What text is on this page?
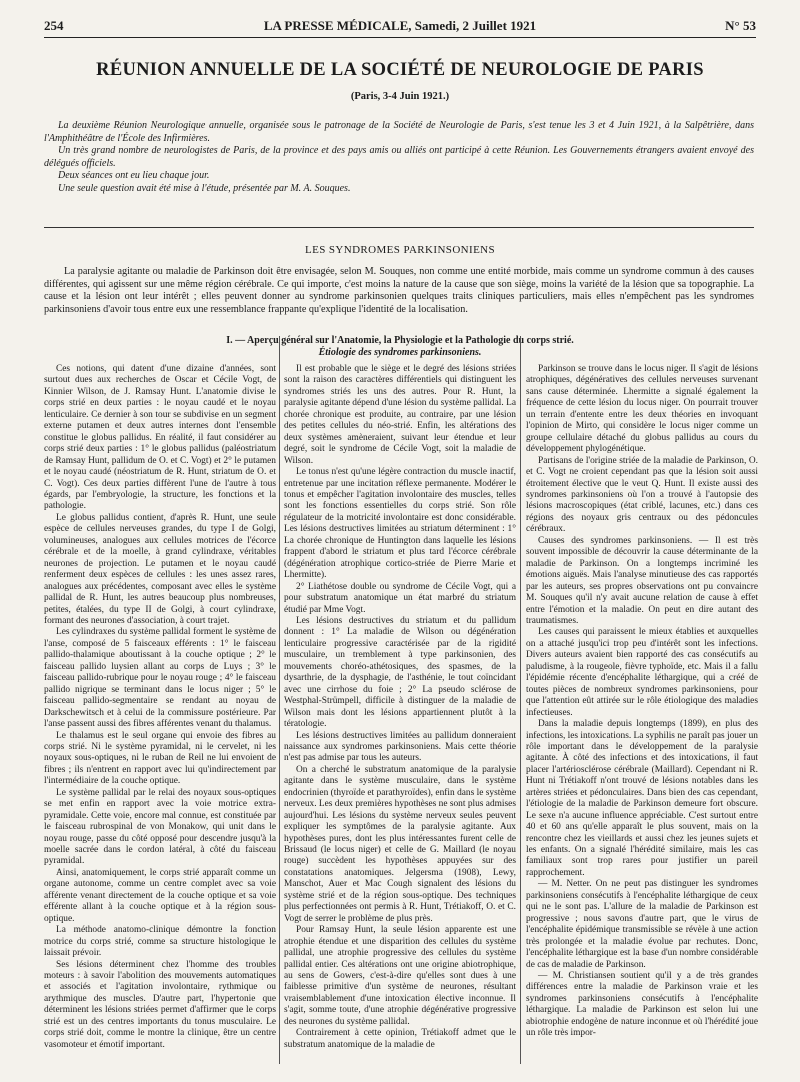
254	LA PRESSE MÉDICALE, Samedi, 2 Juillet 1921	N° 53
RÉUNION ANNUELLE DE LA SOCIÉTÉ DE NEUROLOGIE DE PARIS
(Paris, 3-4 Juin 1921.)

La deuxième Réunion Neurologique annuelle, organisée sous le patronage de la Société de Neurologie de Paris, s'est tenue les 3 et 4 Juin 1921, à la Salpêtrière, dans l'Amphithéâtre de l'École des Infirmières.

Un très grand nombre de neurologistes de Paris, de la province et des pays amis ou alliés ont participé à cette Réunion. Les Gouvernements étrangers avaient envoyé des délégués officiels.

Deux séances ont eu lieu chaque jour.

Une seule question avait été mise à l'étude, présentée par M. A. Souques.

LES SYNDROMES PARKINSONIENS

La paralysie agitante ou maladie de Parkinson doit être envisagée, selon M. Souques, non comme une entité morbide, mais comme un syndrome commun à des causes différentes, qui agissent sur une même région cérébrale. Ce qui importe, c'est moins la nature de la cause que son siège, moins la variété de la lésion que sa topographie. La cause et la lésion ont leur intérêt ; elles peuvent donner au syndrome parkinsonien quelques traits cliniques particuliers, mais elles n'empêchent pas les syndromes parkinsoniens d'avoir tous entre eux une ressemblance frappante qu'explique l'identité de la localisation.

I. — Aperçu général sur l'Anatomie, la Physiologie et la Pathologie du corps strié.
Étiologie des syndromes parkinsoniens.

Ces notions, qui datent d'une dizaine d'années, sont surtout dues aux recherches de Oscar et Cécile Vogt, de Kinnier Wilson, de J. Ramsay Hunt. L'anatomie divise le corps strié en deux parties : le noyau caudé et le noyau lenticulaire. Ce dernier à son tour se subdivise en un segment externe putamen et deux autres internes dont l'ensemble constitue le globus pallidus. En réalité, il faut considérer au corps strié deux parties : 1° le globus pallidus (paléostriatum de Ramsay Hunt, pallidum de O. et C. Vogt) et 2° le putamen et le noyau caudé (néostriatum de R. Hunt, striatum de O. et C. Vogt). Ces deux parties diffèrent l'une de l'autre à tous égards, par l'embryologie, la structure, les fonctions et la pathologie.

Le globus pallidus contient, d'après R. Hunt, une seule espèce de cellules nerveuses grandes, du type I de Golgi, volumineuses, analogues aux cellules motrices de l'écorce cérébrale et de la moelle, à grand cylindraxe, véritables neurones de projection. Le putamen et le noyau caudé renferment deux espèces de cellules : les unes assez rares, analogues aux précédentes, composant avec elles le système pallidal de R. Hunt, les autres beaucoup plus nombreuses, petites, étalées, du type II de Golgi, à court cylindraxe, formant des neurones d'association, à court trajet.

Les cylindraxes du système pallidal forment le système de l'anse, composé de 5 faisceaux efférents : 1° le faisceau pallido-thalamique aboutissant à la couche optique ; 2° le faisceau pallido luysien allant au corps de Luys ; 3° le faisceau pallido-rubrique pour le noyau rouge ; 4° le faisceau pallido nigrique se terminant dans le locus niger ; 5° le faisceau pallido-segmentaire se rendant au noyau de Darkschewitsch et à celui de la commissure postérieure. Par l'anse passent aussi des fibres afférentes venant du thalamus.

Le thalamus est le seul organe qui envoie des fibres au corps strié. Ni le système pyramidal, ni le cervelet, ni les noyaux sous-optiques, ni le ruban de Reil ne lui envoient de fibres ; ils n'entrent en rapport avec lui qu'indirectement par l'intermédiaire de la couche optique.

Le système pallidal par le relai des noyaux sous-optiques se met enfin en rapport avec la voie motrice extra-pyramidale. Cette voie, encore mal connue, est constituée par le faisceau rubrospinal de von Monakow, qui unit dans le noyau rouge, passe du côté opposé pour descendre jusqu'à la moelle sacrée dans le cordon latéral, à côté du faisceau pyramidal.

Ainsi, anatomiquement, le corps strié apparaît comme un organe autonome, comme un centre complet avec sa voie afférente venant directement de la couche optique et sa voie efférente allant à la couche optique et à la région sous-optique.

La méthode anatomo-clinique démontre la fonction motrice du corps strié, comme sa structure histologique le laissait prévoir.

Ses lésions déterminent chez l'homme des troubles moteurs : à savoir l'abolition des mouvements automatiques et associés et l'agitation involontaire, rythmique ou arythmique des muscles. D'autre part, l'hypertonie que déterminent les lésions striées permet d'affirmer que le corps strié est un des centres importants du tonus musculaire. Le corps strié doit, comme le montre la clinique, être un centre vasomoteur et émotif important.

Il est probable que le siège et le degré des lésions striées sont la raison des caractères différentiels qui distinguent les syndromes striés les uns des autres. Pour R. Hunt, la paralysie agitante dépend d'une lésion du système pallidal. La chorée chronique est produite, au contraire, par une lésion des petites cellules du néo-strié. Enfin, les altérations des deux systèmes amèneraient, suivant leur étendue et leur degré, soit le syndrome de Cécile Vogt, soit la maladie de Wilson.

Le tonus n'est qu'une légère contraction du muscle inactif, entretenue par une incitation réflexe permanente. Modérer le tonus et empêcher l'agitation involontaire des muscles, telles sont les fonctions essentielles du corps strié. Son rôle régulateur de la motricité involontaire est donc considérable. Les lésions destructives limitées au striatum déterminent : 1° La chorée chronique de Huntington dans laquelle les lésions frappent d'abord le striatum et plus tard l'écorce cérébrale (dégénération atrophique cortico-striée de Pierre Marie et Lhermitte).

2° Liathétose double ou syndrome de Cécile Vogt, qui a pour substratum anatomique un état marbré du striatum étudié par Mme Vogt.

Les lésions destructives du striatum et du pallidum donnent : 1° La maladie de Wilson ou dégénération lenticulaire progressive caractérisée par de la rigidité musculaire, un tremblement à type parkinsonien, des mouvements choréo-athétosiques, des spasmes, de la dysarthrie, de la dysphagie, de l'asthénie, le tout coïncidant avec une cirrhose du foie ; 2° La pseudo sclérose de Westphal-Strümpell, difficile à distinguer de la maladie de Wilson mais dont les lésions appartiennent plutôt à la tératologie.

Les lésions destructives limitées au pallidum donneraient naissance aux syndromes parkinsoniens. Mais cette théorie n'est pas admise par tous les auteurs.

On a cherché le substratum anatomique de la paralysie agitante dans le système musculaire, dans le système endocrinien (thyroïde et parathyroïdes), enfin dans le système nerveux. Les deux premières hypothèses ne sont plus admises aujourd'hui. Les lésions du système nerveux seules peuvent expliquer les symptômes de la paralysie agitante. Aux hypothèses pures, dont les plus intéressantes furent celle de Brissaud (le locus niger) et celle de G. Maillard (le noyau rouge) succèdent les hypothèses appuyées sur des constatations anatomiques. Jelgersma (1908), Lewy, Manschot, Auer et Mac Cough signalent des lésions du système strié et de la région sous-optique. Des techniques plus perfectionnées ont permis à R. Hunt, Trétiakoff, O. et C. Vogt de serrer le problème de plus près.

Pour Ramsay Hunt, la seule lésion apparente est une atrophie étendue et une disparition des cellules du système pallidal, une atrophie progressive des cellules du système pallidal entier. Ces altérations ont une origine abiotrophique, au sens de Gowers, c'est-à-dire qu'elles sont dues à une faiblesse primitive d'un système de neurones, résultant vraisemblablement d'une intoxication élective inconnue. Il s'agit, somme toute, d'une atrophie dégénérative progressive des neurones du système pallidal.

Contrairement à cette opinion, Trétiakoff admet que le substratum anatomique de la maladie de

Parkinson se trouve dans le locus niger. Il s'agit de lésions atrophiques, dégénératives des cellules nerveuses survenant sans cause déterminée. Lhermitte a signalé également la fréquence de cette lésion du locus niger. On pourrait trouver un terrain d'entente entre les deux théories en invoquant l'opinion de Mirto, qui considère le locus niger comme un groupe cellulaire détaché du globus pallidus au cours du développement phylogénétique.

Partisans de l'origine striée de la maladie de Parkinson, O. et C. Vogt ne croient cependant pas que la lésion soit aussi étroitement élective que le veut Q. Hunt. Il existe aussi des syndromes parkinsoniens où l'on a trouvé à l'autopsie des lésions macroscopiques (état criblé, lacunes, etc.) dans ces régions des noyaux gris centraux ou des pédoncules cérébraux.

Causes des syndromes parkinsoniens. — Il est très souvent impossible de découvrir la cause déterminante de la maladie de Parkinson. On a longtemps incriminé les émotions aiguës. Mais l'analyse minutieuse des cas rapportés par les auteurs, ses propres observations ont pu convaincre M. Souques qu'il n'y avait aucune relation de cause à effet entre l'émotion et la maladie. On peut en dire autant des traumatismes.

Les causes qui paraissent le mieux établies et auxquelles on a attaché jusqu'ici trop peu d'intérêt sont les infections. Divers auteurs avaient bien rapporté des cas consécutifs au paludisme, à la rougeole, fièvre typhoïde, etc. Mais il a fallu l'épidémie récente d'encéphalite léthargique, qui a créé de toutes pièces de nombreux syndromes parkinsoniens, pour que l'attention eût attirée sur le rôle étiologique des maladies infectieuses.

Dans la maladie depuis longtemps (1899), en plus des infections, les intoxications. La syphilis ne paraît pas jouer un rôle important dans le développement de la paralysie agitante. À côté des infections et des intoxications, il faut placer l'artériosclérose cérébrale (Maillard). Cependant ni R. Hunt ni Trétiakoff n'ont trouvé de lésions notables dans les artères striées et pédonculaires. Dans bien des cas cependant, l'étiologie de la maladie de Parkinson demeure fort obscure. Le sexe n'a aucune influence appréciable. C'est surtout entre 40 et 60 ans qu'elle apparaît le plus souvent, mais on la rencontre chez les vieillards et aussi chez les jeunes sujets et les enfants. On a signalé l'hérédité similaire, mais les cas familiaux sont trop rares pour justifier un pareil rapprochement.

— M. Netter. On ne peut pas distinguer les syndromes parkinsoniens consécutifs à l'encéphalite léthargique de ceux qui ne le sont pas. L'allure de la maladie de Parkinson est progressive ; nous savons d'autre part, que le virus de l'encéphalite épidémique transmissible se révèle à une action très prolongée et la maladie évolue par rechutes. Donc, l'encéphalite léthargique est la base d'un nombre considérable de cas de maladie de Parkinson.

— M. Christiansen soutient qu'il y a de très grandes différences entre la maladie de Parkinson vraie et les syndromes parkinsoniens consécutifs à l'encéphalite léthargique. La maladie de Parkinson est selon lui une abiotrophie endogène de nature inconnue et où l'hérédité joue un rôle très impor-
